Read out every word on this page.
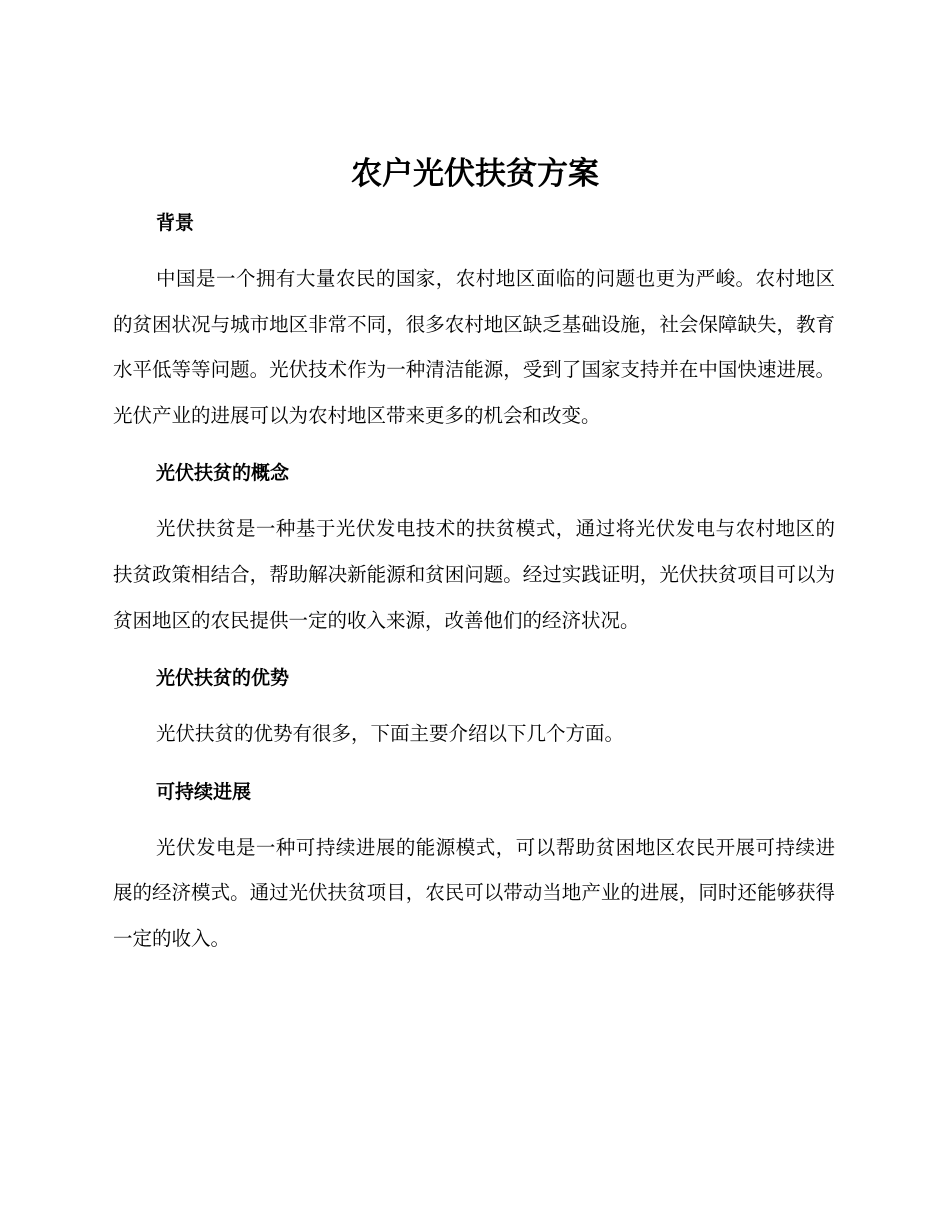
农户光伏扶贫方案
背景

中国是一个拥有大量农民的国家，农村地区面临的问题也更为严峻。农村地区的贫困状况与城市地区非常不同，很多农村地区缺乏基础设施，社会保障缺失，教育水平低等等问题。光伏技术作为一种清洁能源，受到了国家支持并在中国快速进展。光伏产业的进展可以为农村地区带来更多的机会和改变。

光伏扶贫的概念

光伏扶贫是一种基于光伏发电技术的扶贫模式，通过将光伏发电与农村地区的扶贫政策相结合，帮助解决新能源和贫困问题。经过实践证明，光伏扶贫项目可以为贫困地区的农民提供一定的收入来源，改善他们的经济状况。

光伏扶贫的优势

光伏扶贫的优势有很多，下面主要介绍以下几个方面。

可持续进展

光伏发电是一种可持续进展的能源模式，可以帮助贫困地区农民开展可持续进展的经济模式。通过光伏扶贫项目，农民可以带动当地产业的进展，同时还能够获得一定的收入。
